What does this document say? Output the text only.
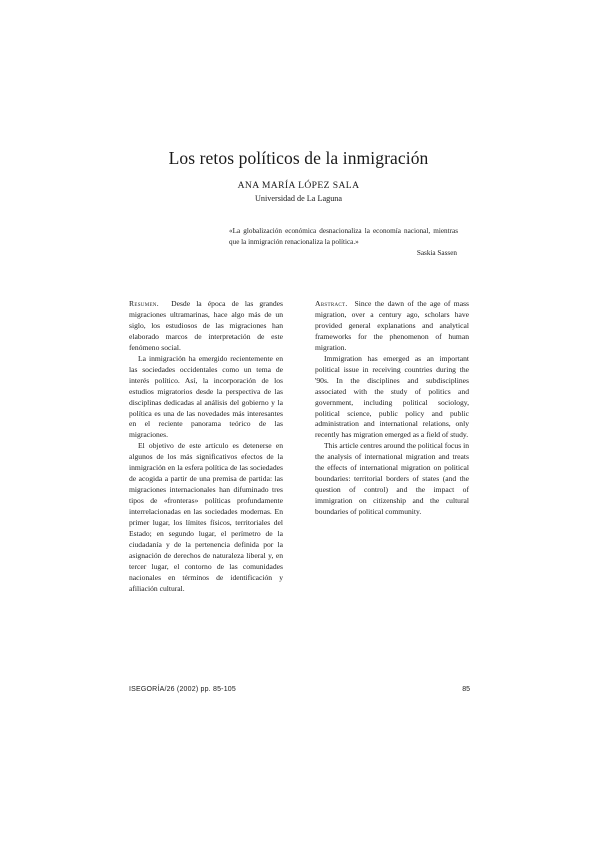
Los retos políticos de la inmigración
ANA MARÍA LÓPEZ SALA
Universidad de La Laguna
«La globalización económica desnacionaliza la economía nacional, mientras que la inmigración renacionaliza la política.»
Saskia Sassen

Resumen. Desde la época de las grandes migraciones ultramarinas, hace algo más de un siglo, los estudiosos de las migraciones han elaborado marcos de interpretación de este fenómeno social.

La inmigración ha emergido recientemente en las sociedades occidentales como un tema de interés político. Así, la incorporación de los estudios migratorios desde la perspectiva de las disciplinas dedicadas al análisis del gobierno y la política es una de las novedades más interesantes en el reciente panorama teórico de las migraciones.

El objetivo de este artículo es detenerse en algunos de los más significativos efectos de la inmigración en la esfera política de las sociedades de acogida a partir de una premisa de partida: las migraciones internacionales han difuminado tres tipos de «fronteras» políticas profundamente interrelacionadas en las sociedades modernas. En primer lugar, los límites físicos, territoriales del Estado; en segundo lugar, el perímetro de la ciudadanía y de la pertenencia definida por la asignación de derechos de naturaleza liberal y, en tercer lugar, el contorno de las comunidades nacionales en términos de identificación y afiliación cultural.

Abstract. Since the dawn of the age of mass migration, over a century ago, scholars have provided general explanations and analytical frameworks for the phenomenon of human migration.

Immigration has emerged as an important political issue in receiving countries during the '90s. In the disciplines and subdisciplines associated with the study of politics and government, including political sociology, political science, public policy and public administration and international relations, only recently has migration emerged as a field of study.

This article centres around the political focus in the analysis of international migration and treats the effects of international migration on political boundaries: territorial borders of states (and the question of control) and the impact of immigration on citizenship and the cultural boundaries of political community.

ISEGORÍA/26 (2002) pp. 85-105	85
